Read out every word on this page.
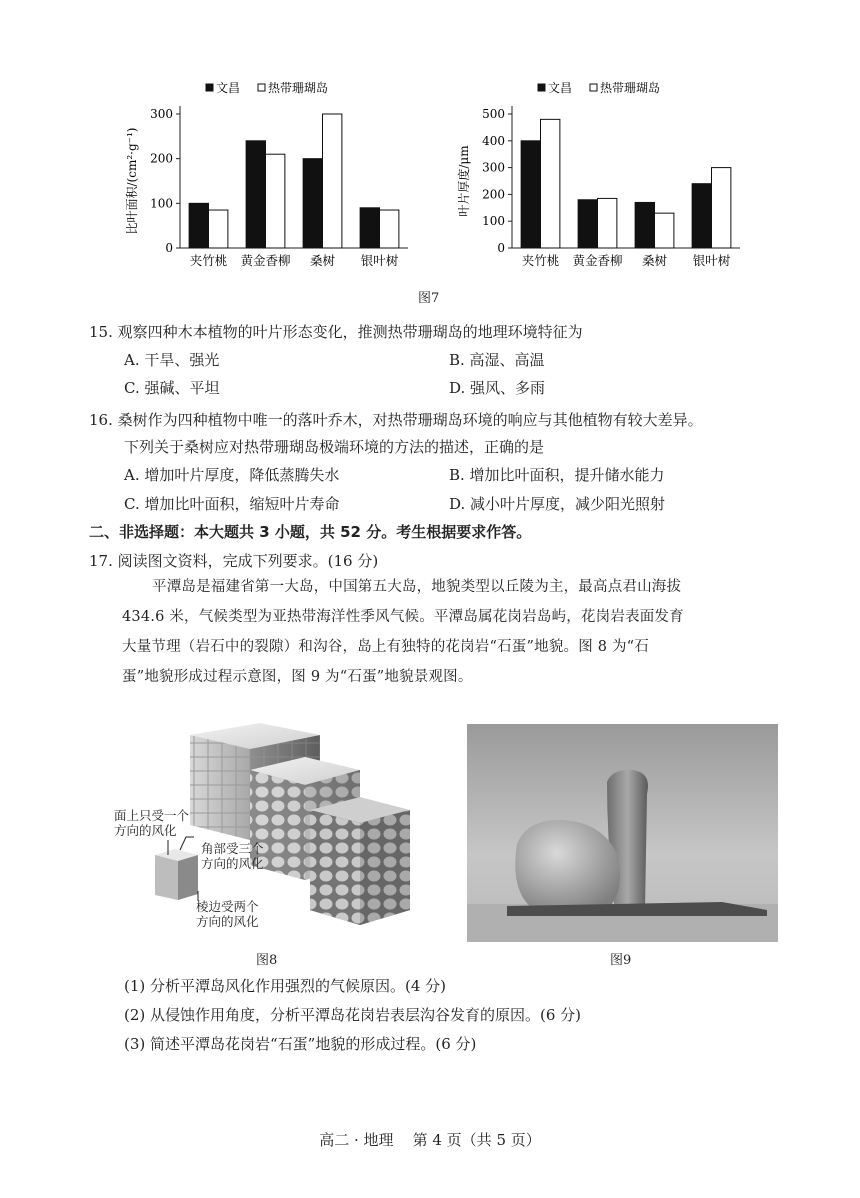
文昌 热带珊瑚岛
0
100
200
300
比叶面积/(cm²·g⁻¹)
夹竹桃 黄金香柳 桑树 银叶树
文昌 热带珊瑚岛
0
100
200
300
400
500
叶片厚度/μm
夹竹桃 黄金香柳 桑树 银叶树
图7
15. 观察四种木本植物的叶片形态变化，推测热带珊瑚岛的地理环境特征为
A. 干旱、强光	B. 高湿、高温
C. 强碱、平坦	D. 强风、多雨
16. 桑树作为四种植物中唯一的落叶乔木，对热带珊瑚岛环境的响应与其他植物有较大差异。
下列关于桑树应对热带珊瑚岛极端环境的方法的描述，正确的是
A. 增加叶片厚度，降低蒸腾失水	B. 增加比叶面积，提升储水能力
C. 增加比叶面积，缩短叶片寿命	D. 减小叶片厚度，减少阳光照射
二、非选择题：本大题共 3 小题，共 52 分。考生根据要求作答。
17. 阅读图文资料，完成下列要求。(16 分)
平潭岛是福建省第一大岛，中国第五大岛，地貌类型以丘陵为主，最高点君山海拔
434.6 米，气候类型为亚热带海洋性季风气候。平潭岛属花岗岩岛屿，花岗岩表面发育
大量节理（岩石中的裂隙）和沟谷，岛上有独特的花岗岩“石蛋”地貌。图 8 为“石
蛋”地貌形成过程示意图，图 9 为“石蛋”地貌景观图。
面上只受一个
方向的风化
角部受三个
方向的风化
棱边受两个
方向的风化
图8	图9
(1) 分析平潭岛风化作用强烈的气候原因。(4 分)
(2) 从侵蚀作用角度，分析平潭岛花岗岩表层沟谷发育的原因。(6 分)
(3) 简述平潭岛花岗岩“石蛋”地貌的形成过程。(6 分)
高二 · 地理    第 4 页（共 5 页）
